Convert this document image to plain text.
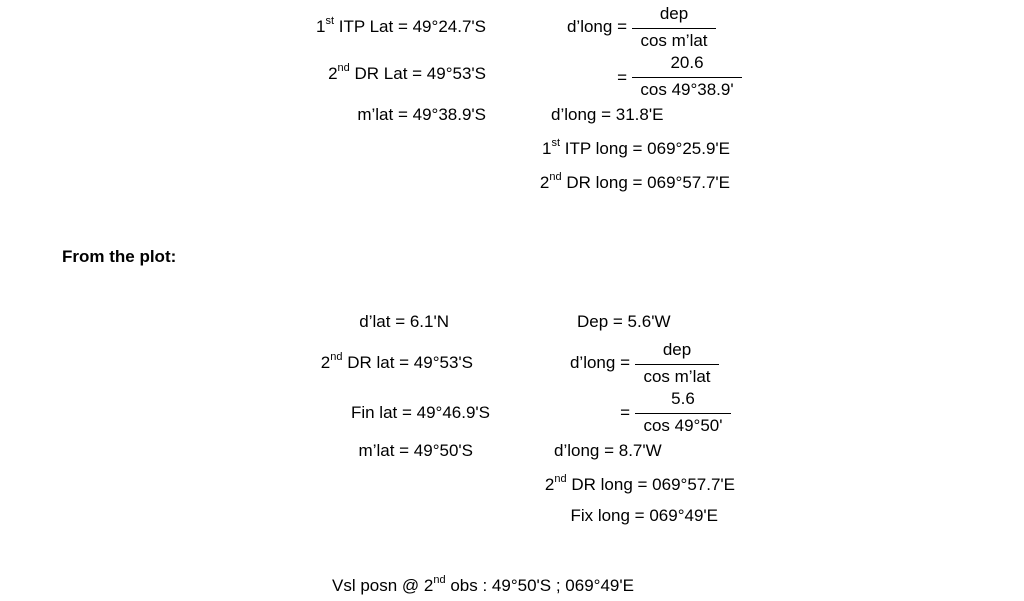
1st ITP Lat = 49°24.7'S
2nd DR Lat = 49°53'S
m’lat = 49°38.9'S
d’long =
dep
cos m’lat
=
20.6
cos 49°38.9'
d’long = 31.8'E
1st ITP long = 069°25.9'E
2nd DR long = 069°57.7'E
From the plot:
d’lat = 6.1'N	Dep = 5.6'W
2nd DR lat = 49°53'S	d’long =
dep
cos m’lat
Fin lat = 49°46.9'S	=
5.6
cos 49°50'
m’lat = 49°50'S	d’long = 8.7'W
2nd DR long = 069°57.7'E
Fix long = 069°49'E
Vsl posn @ 2nd obs : 49°50'S ; 069°49'E
